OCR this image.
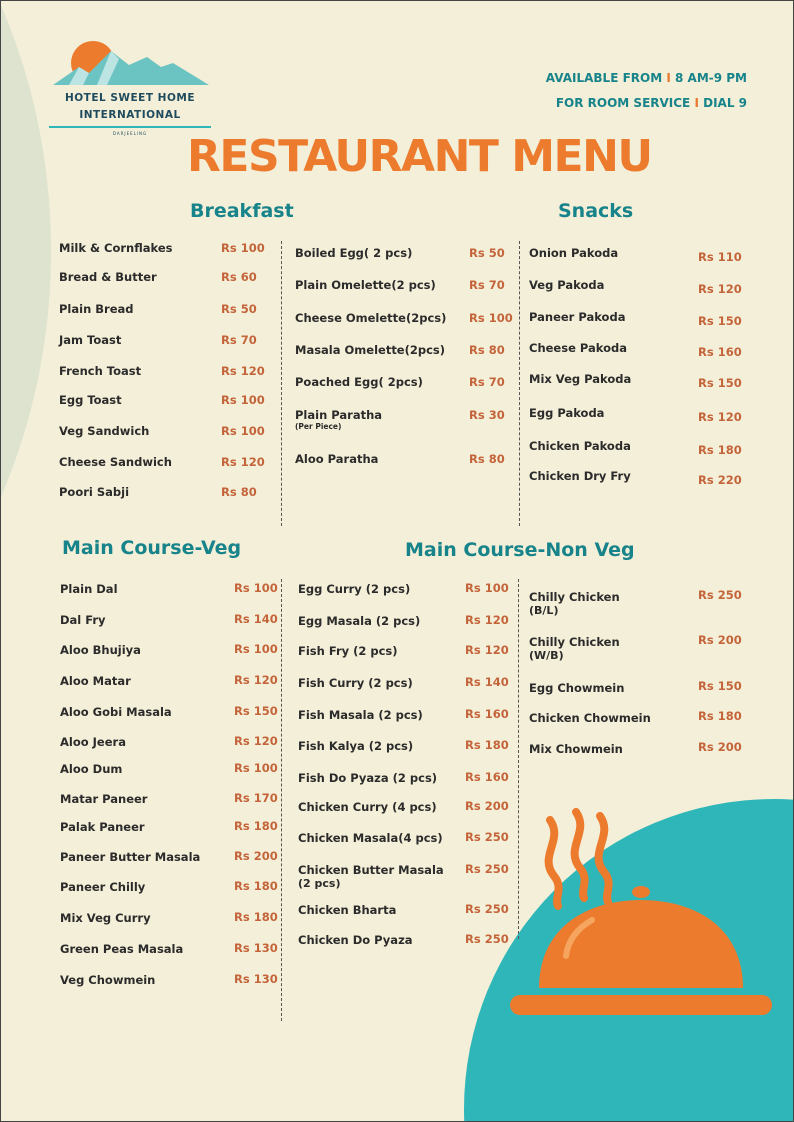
HOTEL SWEET HOME
INTERNATIONAL
DARJEELING
AVAILABLE FROM I 8 AM-9 PM
FOR ROOM SERVICE I DIAL 9
RESTAURANT MENU
Breakfast	Snacks
Main Course-Veg	Main Course-Non Veg
Milk & Cornflakes	Rs 100
Bread & Butter	Rs 60
Plain Bread	Rs 50
Jam Toast	Rs 70
French Toast	Rs 120
Egg Toast	Rs 100
Veg Sandwich	Rs 100
Cheese Sandwich	Rs 120
Poori Sabji	Rs 80
Boiled Egg( 2 pcs)	Rs 50
Plain Omelette(2 pcs)	Rs 70
Cheese Omelette(2pcs) Rs 100
Masala Omelette(2pcs) Rs 80
Poached Egg( 2pcs)	Rs 70
Plain Paratha
(Per Piece)
Rs 30
Aloo Paratha	Rs 80
Onion Pakoda	Rs 110
Veg Pakoda	Rs 120
Paneer Pakoda	Rs 150
Cheese Pakoda	Rs 160
Mix Veg Pakoda	Rs 150
Egg Pakoda	Rs 120
Chicken Pakoda	Rs 180
Chicken Dry Fry	Rs 220
Plain Dal	Rs 100
Dal Fry	Rs 140
Aloo Bhujiya	Rs 100
Aloo Matar	Rs 120
Aloo Gobi Masala	Rs 150
Aloo Jeera	Rs 120
Aloo Dum	Rs 100
Matar Paneer	Rs 170
Palak Paneer	Rs 180
Paneer Butter Masala	Rs 200
Paneer Chilly	Rs 180
Mix Veg Curry	Rs 180
Green Peas Masala	Rs 130
Veg Chowmein	Rs 130
Egg Curry (2 pcs)	Rs 100
Egg Masala (2 pcs)	Rs 120
Fish Fry (2 pcs)	Rs 120
Fish Curry (2 pcs)	Rs 140
Fish Masala (2 pcs)	Rs 160
Fish Kalya (2 pcs)	Rs 180
Fish Do Pyaza (2 pcs) Rs 160
Chicken Curry (4 pcs) Rs 200
Chicken Masala(4 pcs) Rs 250
Chicken Butter Masala
(2 pcs)
Rs 250
Chicken Bharta	Rs 250
Chicken Do Pyaza	Rs 250
Chilly Chicken
(B/L)
Rs 250
Chilly Chicken
(W/B)
Rs 200
Egg Chowmein	Rs 150
Chicken Chowmein	Rs 180
Mix Chowmein	Rs 200
